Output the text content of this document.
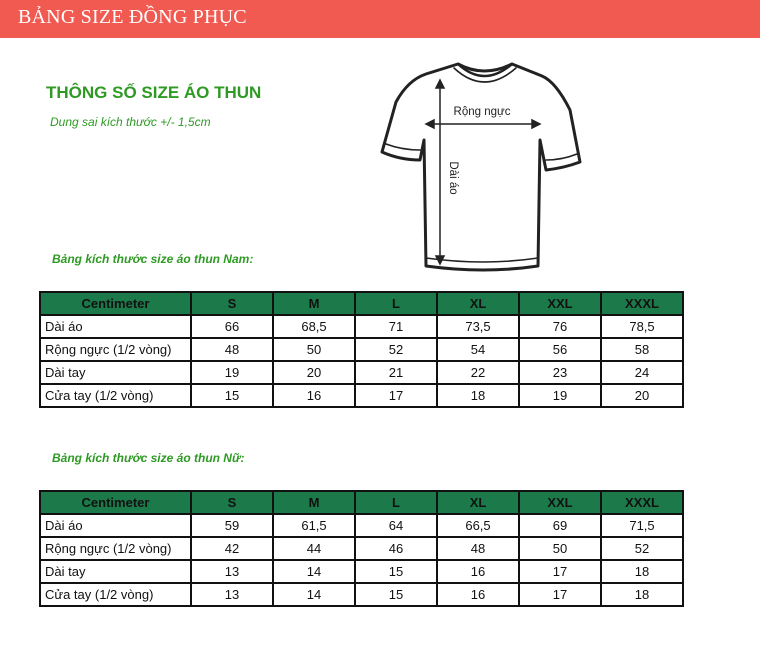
BẢNG SIZE ĐỒNG PHỤC
THÔNG SỐ SIZE ÁO THUN
Dung sai kích thước +/- 1,5cm
Rộng ngực
Dài áo
Bảng kích thước size áo thun Nam:
Centimeter	S	M	L	XL	XXL	XXXL
Dài áo	66	68,5	71	73,5	76	78,5
Rộng ngực (1/2 vòng)	48	50	52	54	56	58
Dài tay	19	20	21	22	23	24
Cửa tay (1/2 vòng)	15	16	17	18	19	20
Bảng kích thước size áo thun Nữ:
Centimeter	S	M	L	XL	XXL	XXXL
Dài áo	59	61,5	64	66,5	69	71,5
Rộng ngực (1/2 vòng)	42	44	46	48	50	52
Dài tay	13	14	15	16	17	18
Cửa tay (1/2 vòng)	13	14	15	16	17	18
